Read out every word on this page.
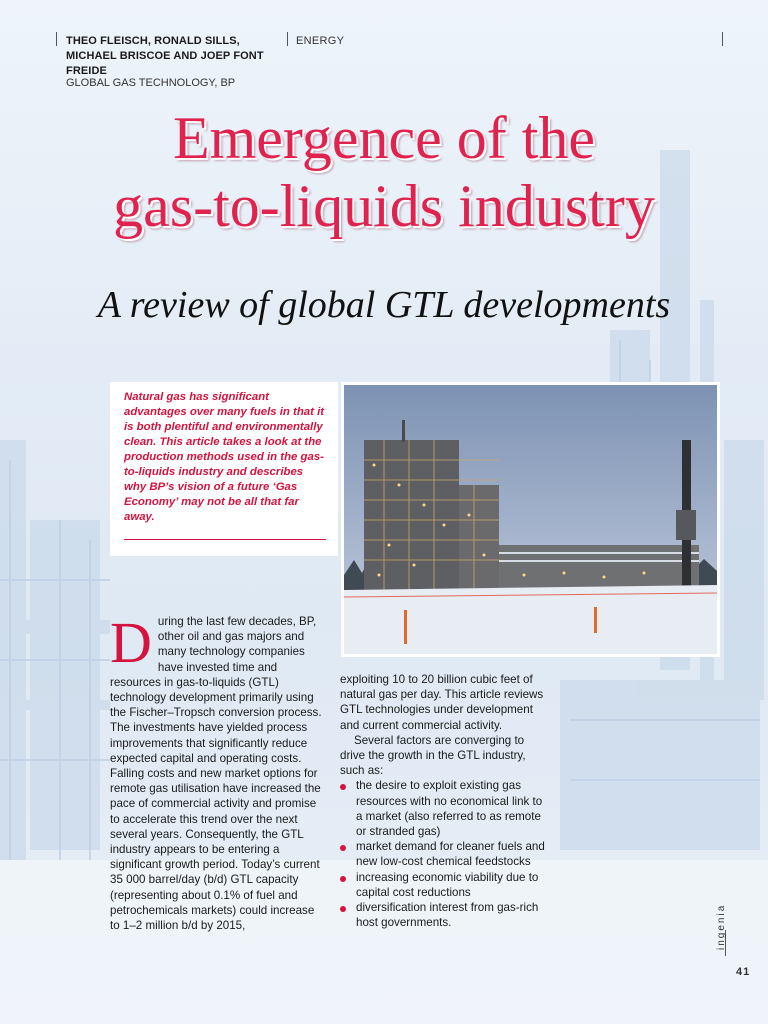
THEO FLEISCH, RONALD SILLS, MICHAEL BRISCOE AND JOEP FONT FREIDE
GLOBAL GAS TECHNOLOGY, BP
ENERGY
Emergence of the
gas-to-liquids industry
A review of global GTL developments
Natural gas has significant advantages over many fuels in that it is both plentiful and environmentally clean. This article takes a look at the production methods used in the gas-to-liquids industry and describes why BP’s vision of a future ‘Gas Economy’ may not be all that far away.
During the last few decades, BP, other oil and gas majors and many technology companies have invested time and resources in gas-to-liquids (GTL) technology development primarily using the Fischer–Tropsch conversion process. The investments have yielded process improvements that significantly reduce expected capital and operating costs. Falling costs and new market options for remote gas utilisation have increased the pace of commercial activity and promise to accelerate this trend over the next several years. Consequently, the GTL industry appears to be entering a significant growth period. Today’s current 35 000 barrel/day (b/d) GTL capacity (representing about 0.1% of fuel and petrochemicals markets) could increase to 1–2 million b/d by 2015,

exploiting 10 to 20 billion cubic feet of natural gas per day. This article reviews GTL technologies under development and current commercial activity.

Several factors are converging to drive the growth in the GTL industry, such as:

the desire to exploit existing gas resources with no economical link to a market (also referred to as remote or stranded gas)
market demand for cleaner fuels and new low-cost chemical feedstocks
increasing economic viability due to capital cost reductions
diversification interest from gas-rich host governments.	ingenia
41
